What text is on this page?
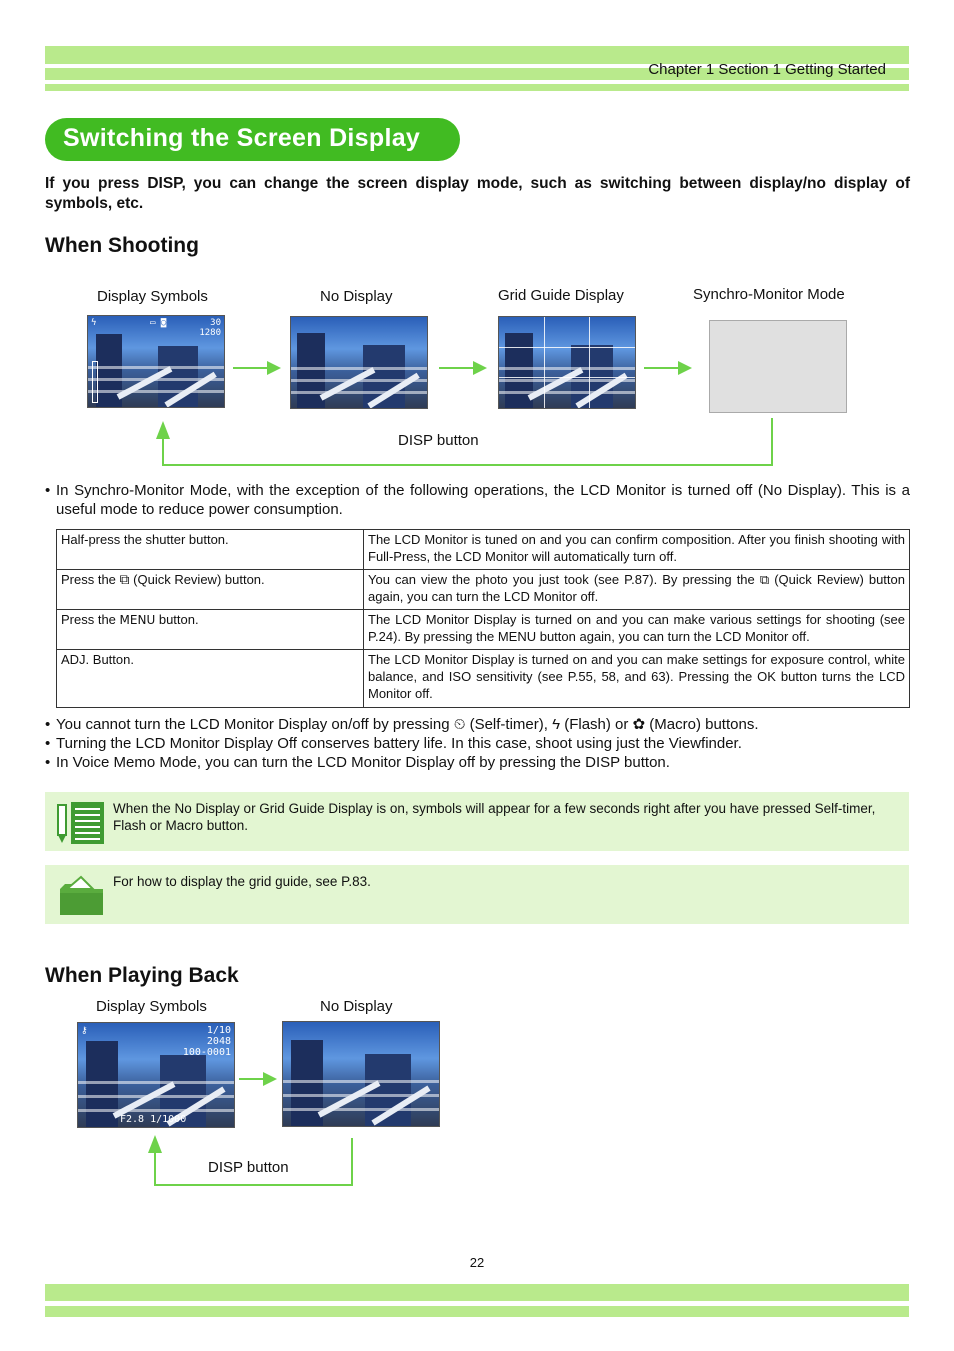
Chapter 1 Section 1 Getting Started
Switching the Screen Display
If you press DISP, you can change the screen display mode, such as switching between display/no display of symbols, etc.
When Shooting
Display Symbols	No Display	Grid Guide Display	Synchro-Monitor Mode
ϟ	▭ ◙	30
1280
DISP button
• In Synchro-Monitor Mode, with the exception of the following operations, the LCD Monitor is turned off (No Display). This is a useful mode to reduce power consumption.
Half-press the shutter button.	The LCD Monitor is tuned on and you can confirm composition. After you finish shooting with Full-Press, the LCD Monitor will automatically turn off.
Press the ⧉ (Quick Review) button.	You can view the photo you just took (see P.87). By pressing the ⧉ (Quick Review) button again, you can turn the LCD Monitor off.
Press the MENU button.	The LCD Monitor Display is turned on and you can make various settings for shooting (see P.24). By pressing the MENU button again, you can turn the LCD Monitor off.
ADJ. Button.	The LCD Monitor Display is turned on and you can make settings for exposure control, white balance, and ISO sensitivity (see P.55, 58, and 63). Pressing the OK button turns the LCD Monitor off.
• You cannot turn the LCD Monitor Display on/off by pressing ⏲ (Self-timer), ϟ (Flash) or ✿ (Macro) buttons.
• Turning the LCD Monitor Display Off conserves battery life. In this case, shoot using just the Viewfinder.
• In Voice Memo Mode, you can turn the LCD Monitor Display off by pressing the DISP button.
When the No Display or Grid Guide Display is on, symbols will appear for a few seconds right after you have pressed Self-timer, Flash or Macro button.
For how to display the grid guide, see P.83.
When Playing Back
Display Symbols	No Display
⚷	1/10
2048
100-0001
F2.8 1/1000
DISP button
22
